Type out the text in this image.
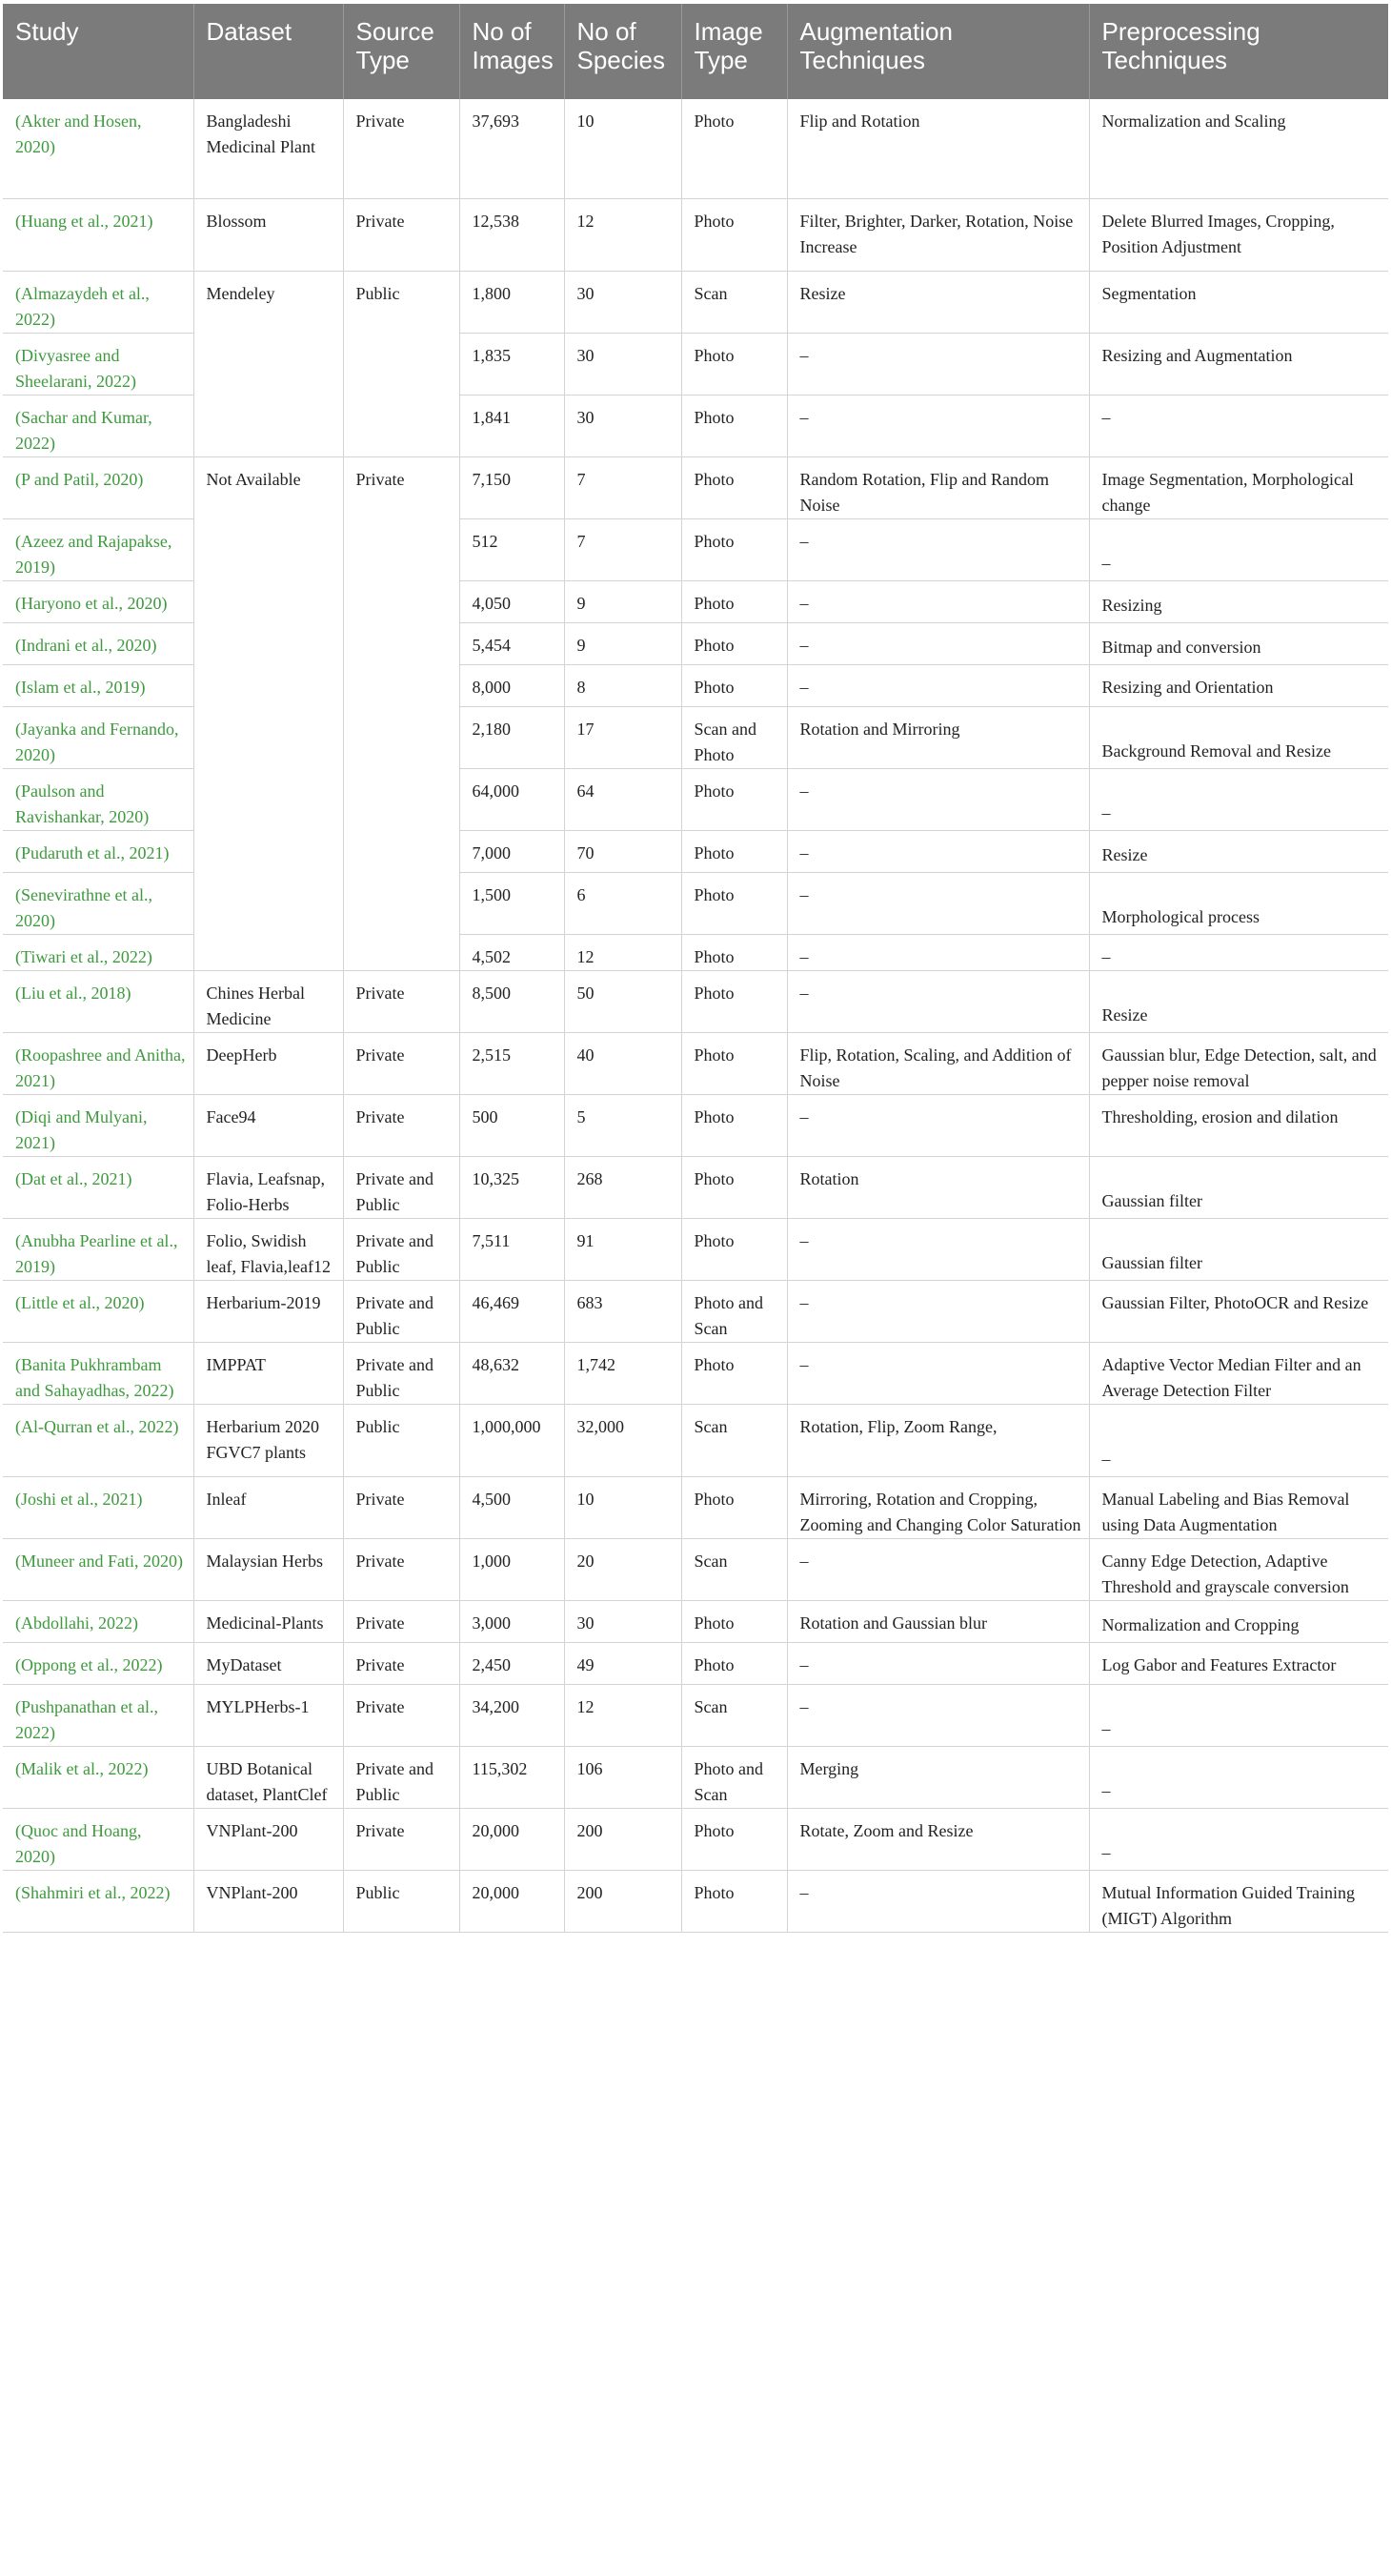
Study	Dataset	Source Type	No of Images	No of Species	Image Type	Augmentation Techniques	Preprocessing Techniques
(Akter and Hosen, 2020)	Bangladeshi Medicinal Plant	Private	37,693	10	Photo	Flip and Rotation	Normalization and Scaling
(Huang et al., 2021)	Blossom	Private	12,538	12	Photo	Filter, Brighter, Darker, Rotation, Noise Increase	Delete Blurred Images, Cropping, Position Adjustment
(Almazaydeh et al., 2022)	Mendeley	Public	1,800	30	Scan	Resize	Segmentation
(Divyasree and Sheelarani, 2022)			1,835	30	Photo	–	Resizing and Augmentation
(Sachar and Kumar, 2022)			1,841	30	Photo	–	–
(P and Patil, 2020)	Not Available	Private	7,150	7	Photo	Random Rotation, Flip and Random Noise	Image Segmentation, Morphological change
(Azeez and Rajapakse, 2019)			512	7	Photo	–	–
(Haryono et al., 2020)			4,050	9	Photo	–	Resizing
(Indrani et al., 2020)			5,454	9	Photo	–	Bitmap and conversion
(Islam et al., 2019)			8,000	8	Photo	–	Resizing and Orientation
(Jayanka and Fernando, 2020)			2,180	17	Scan and Photo	Rotation and Mirroring	Background Removal and Resize
(Paulson and Ravishankar, 2020)			64,000	64	Photo	–	–
(Pudaruth et al., 2021)			7,000	70	Photo	–	Resize
(Senevirathne et al., 2020)			1,500	6	Photo	–	Morphological process
(Tiwari et al., 2022)			4,502	12	Photo	–	–
(Liu et al., 2018)	Chines Herbal Medicine	Private	8,500	50	Photo	–	Resize
(Roopashree and Anitha, 2021)	DeepHerb	Private	2,515	40	Photo	Flip, Rotation, Scaling, and Addition of Noise	Gaussian blur, Edge Detection, salt, and pepper noise removal
(Diqi and Mulyani, 2021)	Face94	Private	500	5	Photo	–	Thresholding, erosion and dilation
(Dat et al., 2021)	Flavia, Leafsnap, Folio-Herbs	Private and Public	10,325	268	Photo	Rotation	Gaussian filter
(Anubha Pearline et al., 2019)	Folio, Swidish leaf, Flavia,leaf12	Private and Public	7,511	91	Photo	–	Gaussian filter
(Little et al., 2020)	Herbarium-2019	Private and Public	46,469	683	Photo and Scan	–	Gaussian Filter, PhotoOCR and Resize
(Banita Pukhrambam and Sahayadhas, 2022)	IMPPAT	Private and Public	48,632	1,742	Photo	–	Adaptive Vector Median Filter and an Average Detection Filter
(Al-Qurran et al., 2022)	Herbarium 2020 FGVC7 plants	Public	1,000,000	32,000	Scan	Rotation, Flip, Zoom Range,	–
(Joshi et al., 2021)	Inleaf	Private	4,500	10	Photo	Mirroring, Rotation and Cropping, Zooming and Changing Color Saturation	Manual Labeling and Bias Removal using Data Augmentation
(Muneer and Fati, 2020)	Malaysian Herbs	Private	1,000	20	Scan	–	Canny Edge Detection, Adaptive Threshold and grayscale conversion
(Abdollahi, 2022)	Medicinal-Plants	Private	3,000	30	Photo	Rotation and Gaussian blur	Normalization and Cropping
(Oppong et al., 2022)	MyDataset	Private	2,450	49	Photo	–	Log Gabor and Features Extractor
(Pushpanathan et al., 2022)	MYLPHerbs-1	Private	34,200	12	Scan	–	–
(Malik et al., 2022)	UBD Botanical dataset, PlantClef	Private and Public	115,302	106	Photo and Scan	Merging	–
(Quoc and Hoang, 2020)	VNPlant-200	Private	20,000	200	Photo	Rotate, Zoom and Resize	–
(Shahmiri et al., 2022)	VNPlant-200	Public	20,000	200	Photo	–	Mutual Information Guided Training (MIGT) Algorithm
